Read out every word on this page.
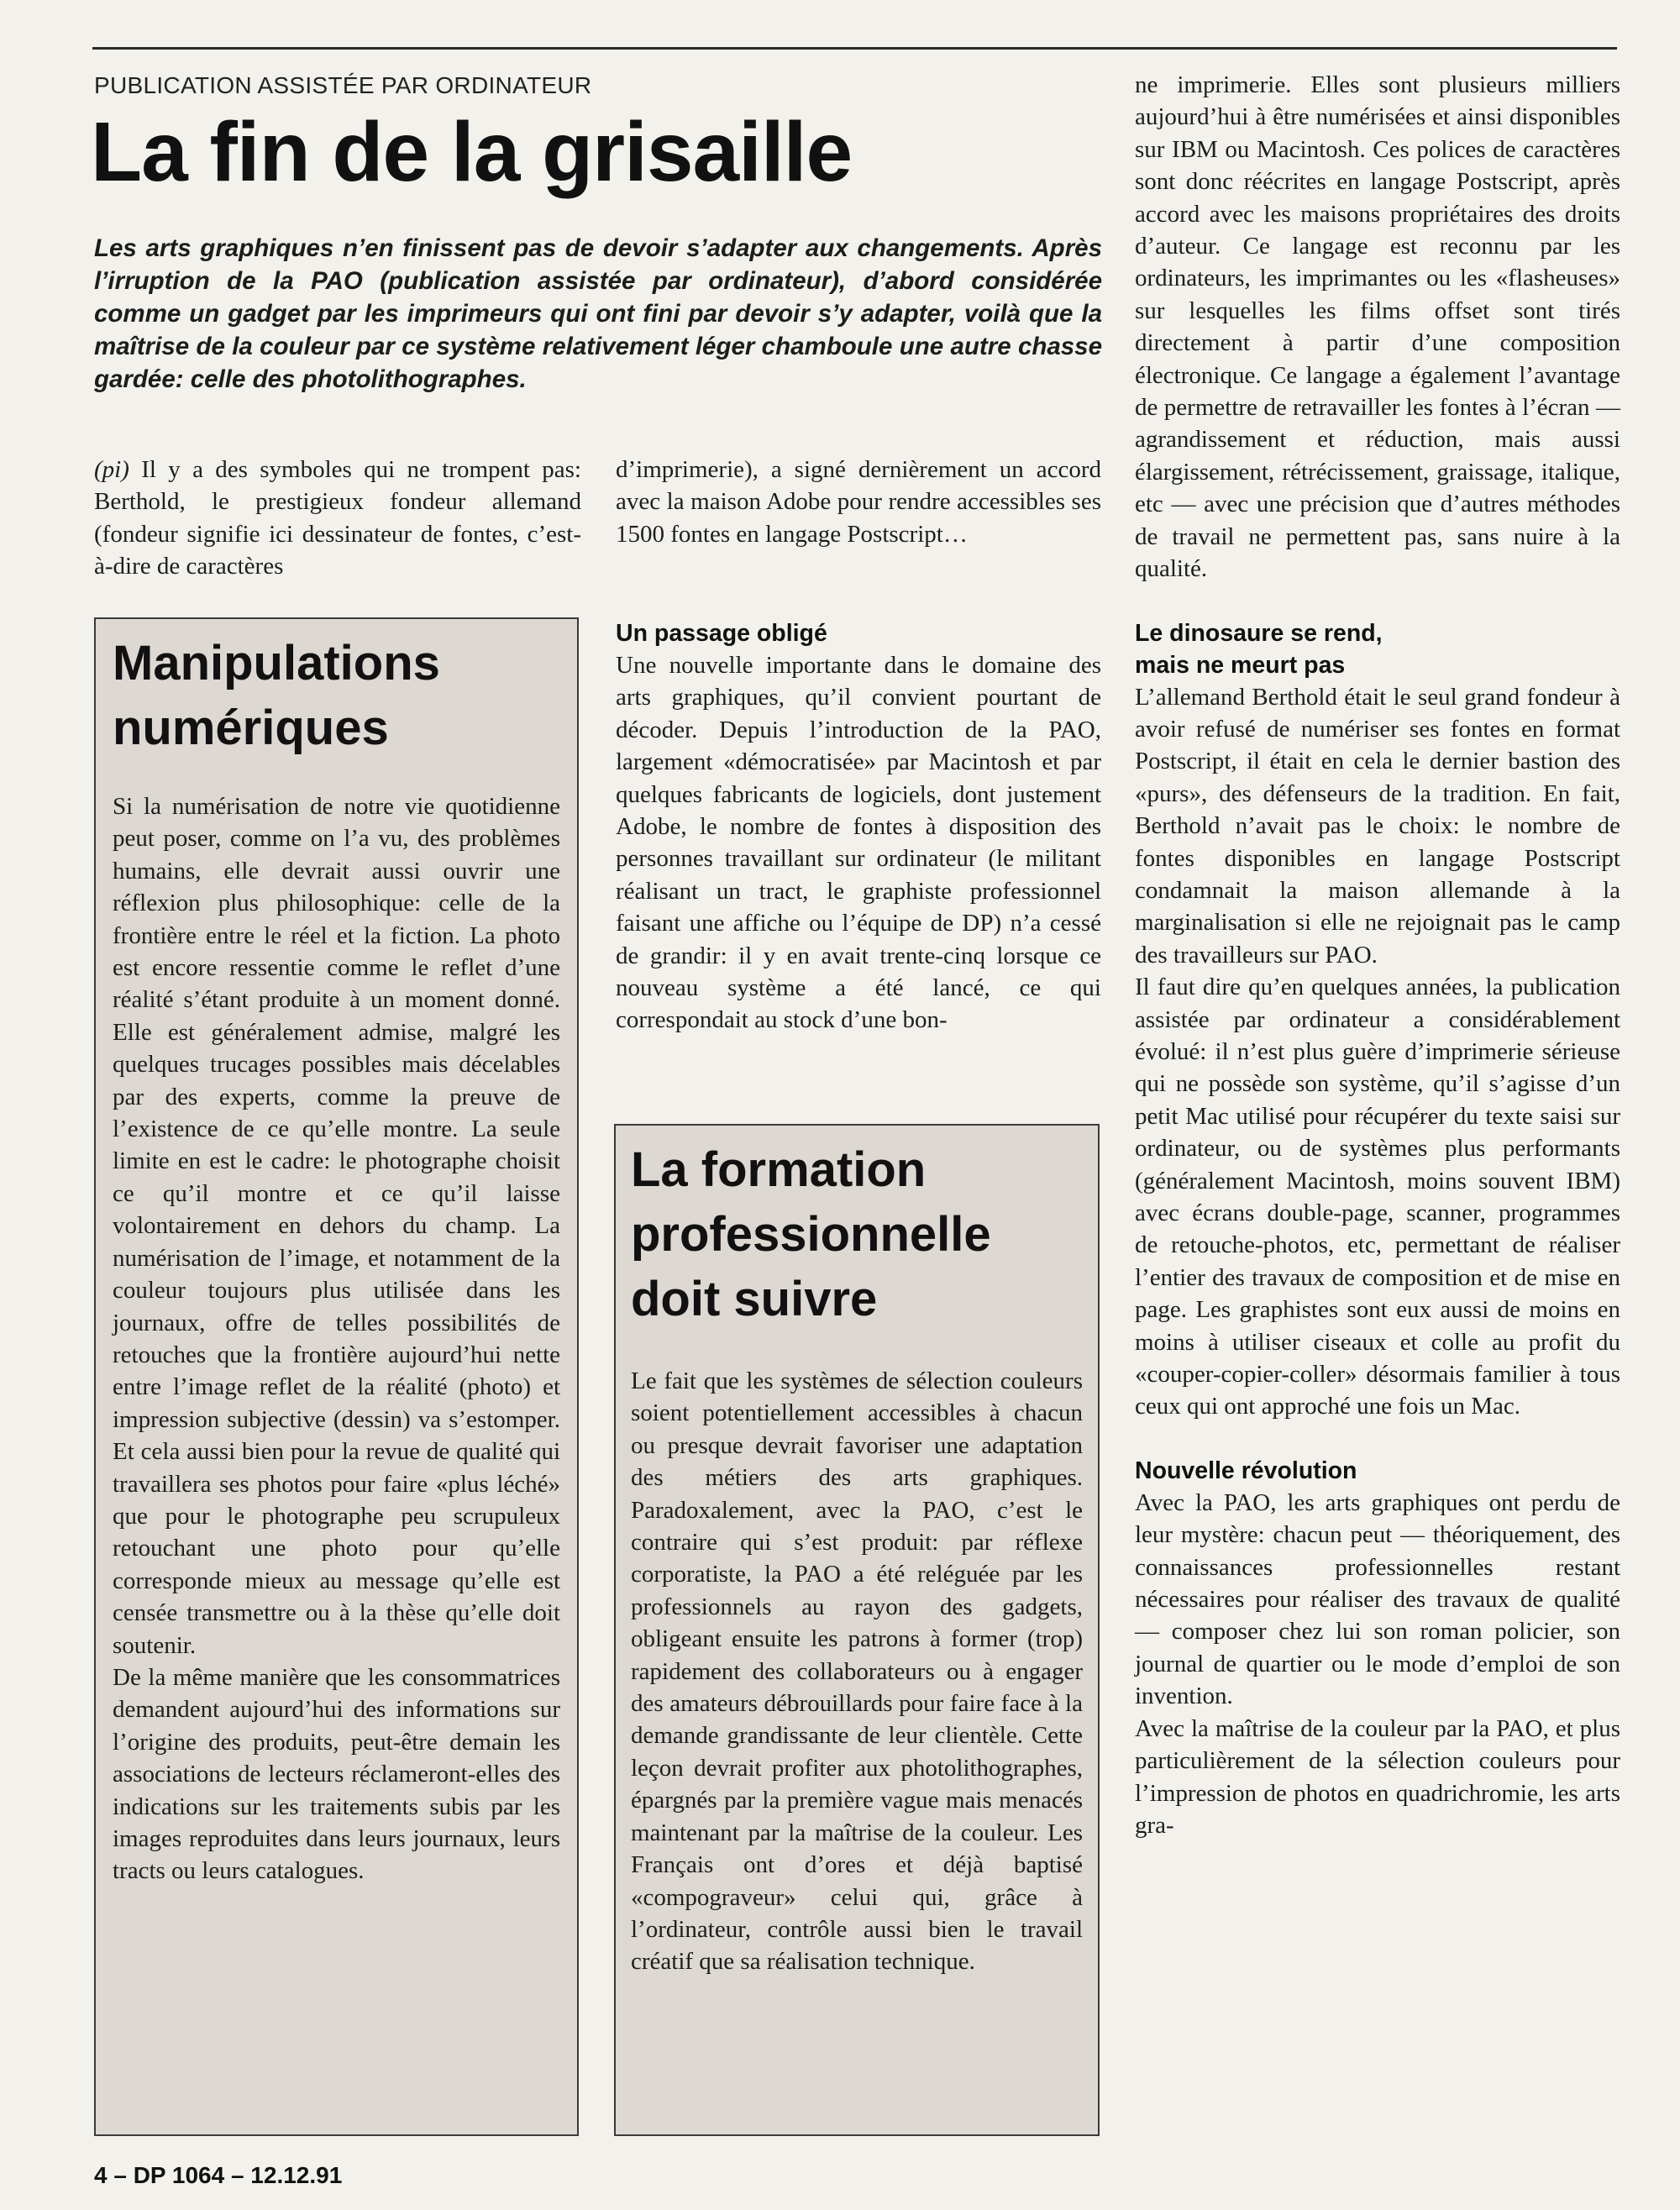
PUBLICATION ASSISTÉE PAR ORDINATEUR
La fin de la grisaille

Les arts graphiques n’en finissent pas de devoir s’adapter aux changements. Après l’irruption de la PAO (publication assistée par ordinateur), d’abord considérée comme un gadget par les imprimeurs qui ont fini par devoir s’y adapter, voilà que la maîtrise de la couleur par ce système relativement léger chamboule une autre chasse gardée: celle des photolithographes.

(pi) Il y a des symboles qui ne trompent pas: Berthold, le prestigieux fondeur allemand (fondeur signifie ici dessinateur de fontes, c’est-à-dire de caractères

d’imprimerie), a signé dernièrement un accord avec la maison Adobe pour rendre accessibles ses 1500 fontes en langage Postscript…

Manipulations numériques

Si la numérisation de notre vie quotidienne peut poser, comme on l’a vu, des problèmes humains, elle devrait aussi ouvrir une réflexion plus philosophique: celle de la frontière entre le réel et la fiction. La photo est encore ressentie comme le reflet d’une réalité s’étant produite à un moment donné. Elle est généralement admise, malgré les quelques trucages possibles mais décelables par des experts, comme la preuve de l’existence de ce qu’elle montre. La seule limite en est le cadre: le photographe choisit ce qu’il montre et ce qu’il laisse volontairement en dehors du champ. La numérisation de l’image, et notamment de la couleur toujours plus utilisée dans les journaux, offre de telles possibilités de retouches que la frontière aujourd’hui nette entre l’image reflet de la réalité (photo) et impression subjective (dessin) va s’estomper. Et cela aussi bien pour la revue de qualité qui travaillera ses photos pour faire «plus léché» que pour le photographe peu scrupuleux retouchant une photo pour qu’elle corresponde mieux au message qu’elle est censée transmettre ou à la thèse qu’elle doit soutenir.

De la même manière que les consommatrices demandent aujourd’hui des informations sur l’origine des produits, peut-être demain les associations de lecteurs réclameront-elles des indications sur les traitements subis par les images reproduites dans leurs journaux, leurs tracts ou leurs catalogues.

Un passage obligé

Une nouvelle importante dans le domaine des arts graphiques, qu’il convient pourtant de décoder. Depuis l’introduction de la PAO, largement «démocratisée» par Macintosh et par quelques fabricants de logiciels, dont justement Adobe, le nombre de fontes à disposition des personnes travaillant sur ordinateur (le militant réalisant un tract, le graphiste professionnel faisant une affiche ou l’équipe de DP) n’a cessé de grandir: il y en avait trente-cinq lorsque ce nouveau système a été lancé, ce qui correspondait au stock d’une bon-

La formation professionnelle doit suivre

Le fait que les systèmes de sélection couleurs soient potentiellement accessibles à chacun ou presque devrait favoriser une adaptation des métiers des arts graphiques. Paradoxalement, avec la PAO, c’est le contraire qui s’est produit: par réflexe corporatiste, la PAO a été reléguée par les professionnels au rayon des gadgets, obligeant ensuite les patrons à former (trop) rapidement des collaborateurs ou à engager des amateurs débrouillards pour faire face à la demande grandissante de leur clientèle. Cette leçon devrait profiter aux photolithographes, épargnés par la première vague mais menacés maintenant par la maîtrise de la couleur. Les Français ont d’ores et déjà baptisé «compograveur» celui qui, grâce à l’ordinateur, contrôle aussi bien le travail créatif que sa réalisation technique.

ne imprimerie. Elles sont plusieurs milliers aujourd’hui à être numérisées et ainsi disponibles sur IBM ou Macintosh. Ces polices de caractères sont donc réécrites en langage Postscript, après accord avec les maisons propriétaires des droits d’auteur. Ce langage est reconnu par les ordinateurs, les imprimantes ou les «flasheuses» sur lesquelles les films offset sont tirés directement à partir d’une composition électronique. Ce langage a également l’avantage de permettre de retravailler les fontes à l’écran — agrandissement et réduction, mais aussi élargissement, rétrécissement, graissage, italique, etc — avec une précision que d’autres méthodes de travail ne permettent pas, sans nuire à la qualité.

Le dinosaure se rend,
mais ne meurt pas

L’allemand Berthold était le seul grand fondeur à avoir refusé de numériser ses fontes en format Postscript, il était en cela le dernier bastion des «purs», des défenseurs de la tradition. En fait, Berthold n’avait pas le choix: le nombre de fontes disponibles en langage Postscript condamnait la maison allemande à la marginalisation si elle ne rejoignait pas le camp des travailleurs sur PAO.

Il faut dire qu’en quelques années, la publication assistée par ordinateur a considérablement évolué: il n’est plus guère d’imprimerie sérieuse qui ne possède son système, qu’il s’agisse d’un petit Mac utilisé pour récupérer du texte saisi sur ordinateur, ou de systèmes plus performants (généralement Macintosh, moins souvent IBM) avec écrans double-page, scanner, programmes de retouche-photos, etc, permettant de réaliser l’entier des travaux de composition et de mise en page. Les graphistes sont eux aussi de moins en moins à utiliser ciseaux et colle au profit du «couper-copier-coller» désormais familier à tous ceux qui ont approché une fois un Mac.

Nouvelle révolution

Avec la PAO, les arts graphiques ont perdu de leur mystère: chacun peut — théoriquement, des connaissances professionnelles restant nécessaires pour réaliser des travaux de qualité — composer chez lui son roman policier, son journal de quartier ou le mode d’emploi de son invention.

Avec la maîtrise de la couleur par la PAO, et plus particulièrement de la sélection couleurs pour l’impression de photos en quadrichromie, les arts gra-

4 – DP 1064 – 12.12.91
